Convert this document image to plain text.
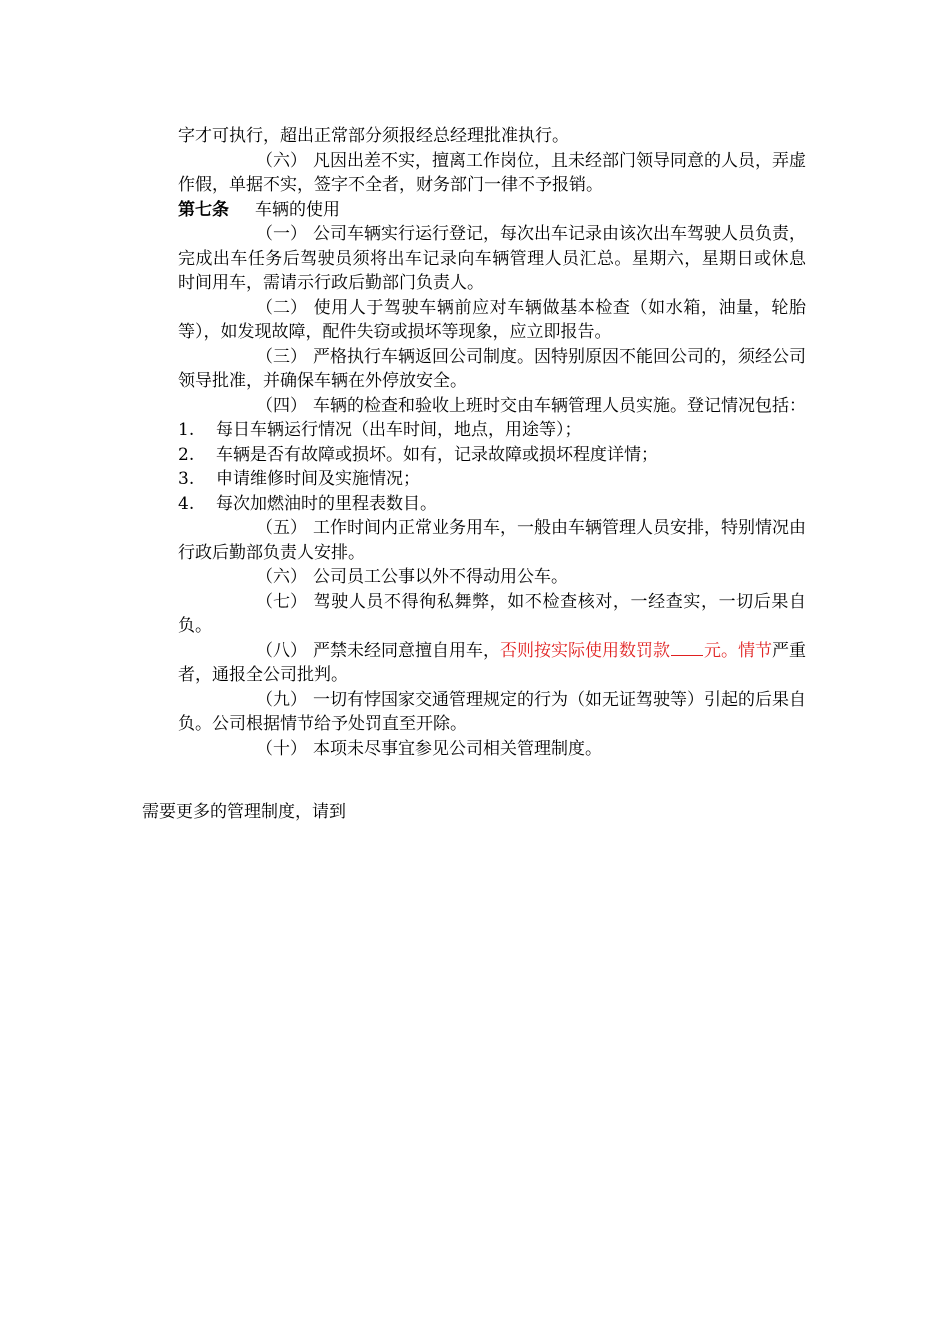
字才可执行，超出正常部分须报经总经理批准执行。

（六） 凡因出差不实，擅离工作岗位，且未经部门领导同意的人员，弄虚作假，单据不实，签字不全者，财务部门一律不予报销。

第七条 车辆的使用

（一） 公司车辆实行运行登记，每次出车记录由该次出车驾驶人员负责，完成出车任务后驾驶员须将出车记录向车辆管理人员汇总。星期六，星期日或休息时间用车，需请示行政后勤部门负责人。

（二） 使用人于驾驶车辆前应对车辆做基本检查（如水箱，油量，轮胎等），如发现故障，配件失窃或损坏等现象，应立即报告。

（三） 严格执行车辆返回公司制度。因特别原因不能回公司的，须经公司领导批准，并确保车辆在外停放安全。

（四） 车辆的检查和验收上班时交由车辆管理人员实施。登记情况包括：

1.	每日车辆运行情况（出车时间，地点，用途等）；
2.	车辆是否有故障或损坏。如有，记录故障或损坏程度详情；
3.	申请维修时间及实施情况；
4.	每次加燃油时的里程表数目。

（五） 工作时间内正常业务用车，一般由车辆管理人员安排，特别情况由行政后勤部负责人安排。

（六） 公司员工公事以外不得动用公车。

（七） 驾驶人员不得徇私舞弊，如不检查核对，一经查实，一切后果自负。

（八） 严禁未经同意擅自用车，否则按实际使用数罚款 元。情节严重者，通报全公司批判。

（九） 一切有悖国家交通管理规定的行为（如无证驾驶等）引起的后果自负。公司根据情节给予处罚直至开除。

（十） 本项未尽事宜参见公司相关管理制度。

需要更多的管理制度，请到
